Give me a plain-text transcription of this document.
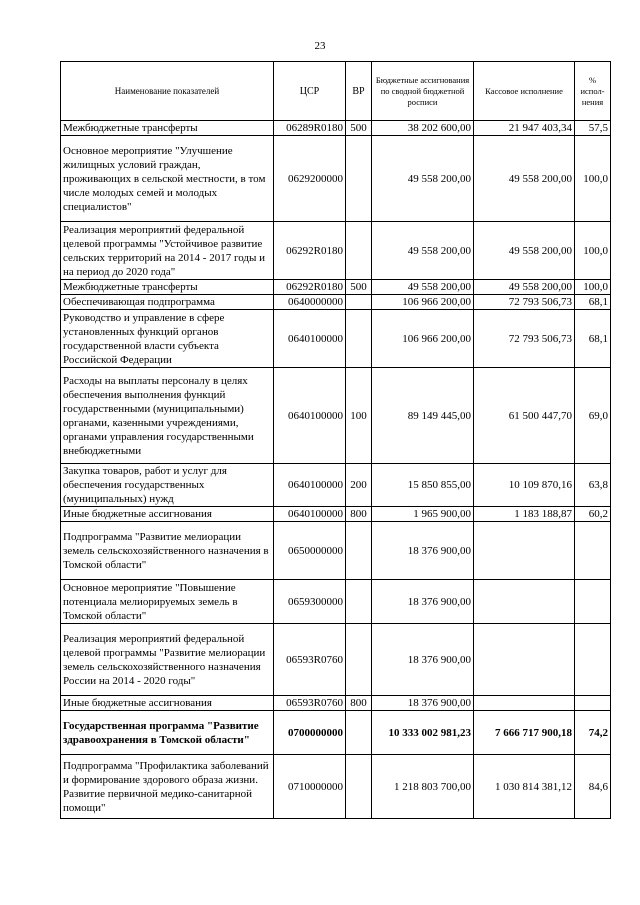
23
Наименование показателей	ЦСР	ВР	Бюджетные ассигнования по сводной бюджетной росписи	Кассовое исполнение	% испол- нения
Межбюджетные трансферты	06289R0180	500	38 202 600,00	21 947 403,34	57,5
Основное мероприятие "Улучшение жилищных условий граждан, проживающих в сельской местности, в том числе молодых семей и молодых специалистов"	0629200000		49 558 200,00	49 558 200,00	100,0
Реализация мероприятий федеральной целевой программы "Устойчивое развитие сельских территорий на 2014 - 2017 годы и на период до 2020 года"	06292R0180		49 558 200,00	49 558 200,00	100,0
Межбюджетные трансферты	06292R0180	500	49 558 200,00	49 558 200,00	100,0
Обеспечивающая подпрограмма	0640000000		106 966 200,00	72 793 506,73	68,1
Руководство и управление в сфере установленных функций органов государственной власти субъекта Российской Федерации	0640100000		106 966 200,00	72 793 506,73	68,1
Расходы на выплаты персоналу в целях обеспечения выполнения функций государственными (муниципальными) органами, казенными учреждениями, органами управления государственными внебюджетными	0640100000	100	89 149 445,00	61 500 447,70	69,0
Закупка товаров, работ и услуг для обеспечения государственных (муниципальных) нужд	0640100000	200	15 850 855,00	10 109 870,16	63,8
Иные бюджетные ассигнования	0640100000	800	1 965 900,00	1 183 188,87	60,2
Подпрограмма "Развитие мелиорации земель сельскохозяйственного назначения в Томской области"	0650000000		18 376 900,00		
Основное мероприятие "Повышение потенциала мелиорируемых земель в Томской области"	0659300000		18 376 900,00		
Реализация мероприятий федеральной целевой программы "Развитие мелиорации земель сельскохозяйственного назначения России на 2014 - 2020 годы"	06593R0760		18 376 900,00		
Иные бюджетные ассигнования	06593R0760	800	18 376 900,00		
Государственная программа "Развитие здравоохранения в Томской области"	0700000000		10 333 002 981,23	7 666 717 900,18	74,2
Подпрограмма "Профилактика заболеваний и формирование здорового образа жизни. Развитие первичной медико-санитарной помощи"	0710000000		1 218 803 700,00	1 030 814 381,12	84,6
